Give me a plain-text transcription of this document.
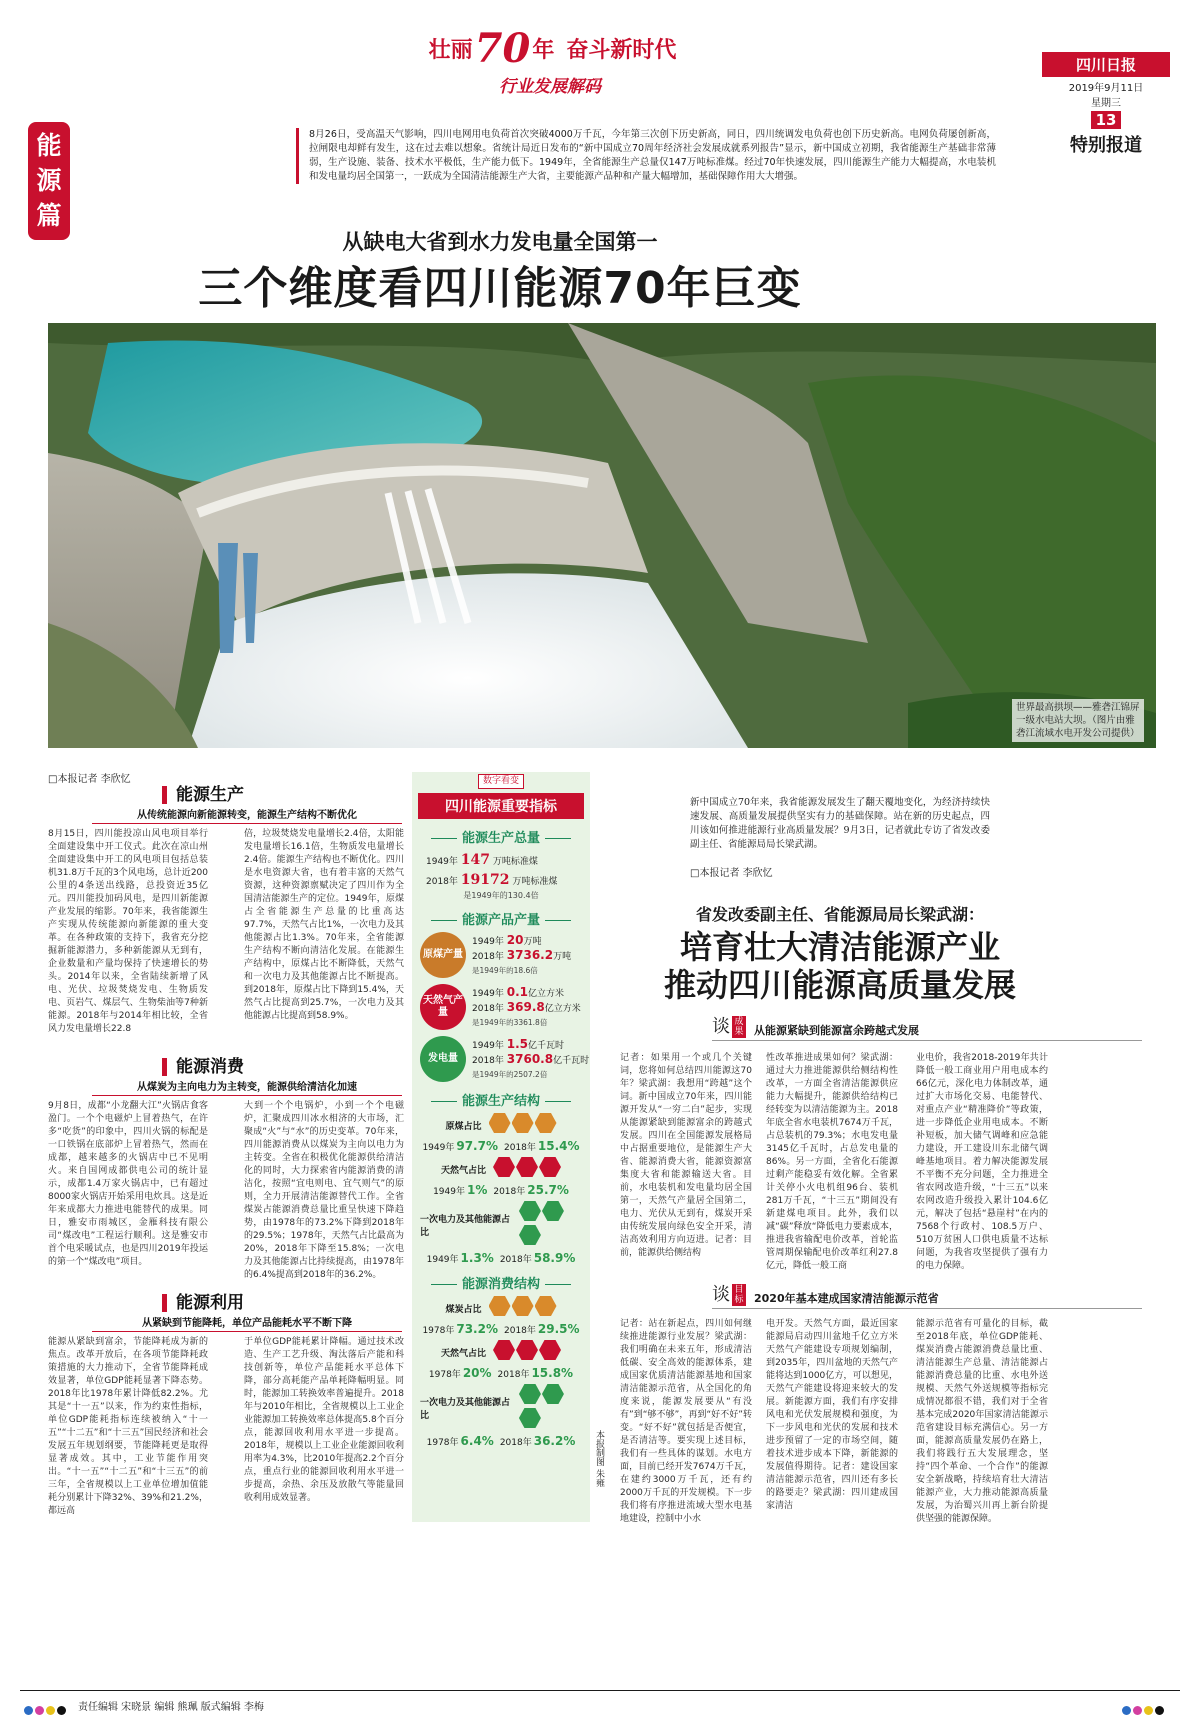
壮丽 70 年 奋斗新时代
行业发展解码
四川日报
2019年9月11日
星期三
13
特别报道
能
源
篇

8月26日，受高温天气影响，四川电网用电负荷首次突破4000万千瓦，今年第三次创下历史新高，同日，四川统调发电负荷也创下历史新高。电网负荷屡创新高，拉闸限电却鲜有发生，这在过去难以想象。省统计局近日发布的“新中国成立70周年经济社会发展成就系列报告”显示，新中国成立初期，我省能源生产基础非常薄弱，生产设施、装备、技术水平极低，生产能力低下。1949年，全省能源生产总量仅147万吨标准煤。经过70年快速发展，四川能源生产能力大幅提高，水电装机和发电量均居全国第一，一跃成为全国清洁能源生产大省，主要能源产品种和产量大幅增加，基础保障作用大大增强。

从缺电大省到水力发电量全国第一
三个维度看四川能源70年巨变
世界最高拱坝——雅砻江锦屏一级水电站大坝。（图片由雅砻江流域水电开发公司提供）
□本报记者 李欣忆
能源生产
从传统能源向新能源转变，能源生产结构不断优化

8月15日，四川能投凉山风电项目举行全面建设集中开工仪式。此次在凉山州全面建设集中开工的风电项目包括总装机31.8万千瓦的3个风电场，总计近200公里的4条送出线路，总投资近35亿元。四川能投加码风电，是四川新能源产业发展的缩影。70年来，我省能源生产实现从传统能源向新能源的重大变革。在各种政策的支持下，我省充分挖掘新能源潜力，多种新能源从无到有，企业数量和产量均保持了快速增长的势头。2014年以来，全省陆续新增了风电、光伏、垃圾焚烧发电、生物质发电、页岩气、煤层气、生物柴油等7种新能源。2018年与2014年相比较，全省风力发电量增长22.8

倍，垃圾焚烧发电量增长2.4倍，太阳能发电量增长16.1倍，生物质发电量增长2.4倍。能源生产结构也不断优化。四川是水电资源大省，也有着丰富的天然气资源，这种资源禀赋决定了四川作为全国清洁能源生产的定位。1949年，原煤占全省能源生产总量的比重高达97.7%，天然气占比1%，一次电力及其他能源占比1.3%。70年来，全省能源生产结构不断向清洁化发展。在能源生产结构中，原煤占比不断降低，天然气和一次电力及其他能源占比不断提高。到2018年，原煤占比下降到15.4%，天然气占比提高到25.7%，一次电力及其他能源占比提高到58.9%。

能源消费
从煤炭为主向电力为主转变，能源供给清洁化加速

9月8日，成都“小龙翻大江”火锅店食客盈门。一个个电磁炉上冒着热气，在许多“吃货”的印象中，四川火锅的标配是一口铁锅在底部炉上冒着热气，然而在成都，越来越多的火锅店中已不见明火。来自国网成都供电公司的统计显示，成都1.4万家火锅店中，已有超过8000家火锅店开始采用电炊具。这是近年来成都大力推进电能替代的成果。同日，雅安市雨城区，金雁科技有限公司“煤改电”工程运行顺利。这是雅安市首个电采暖试点，也是四川2019年投运的第一个“煤改电”项目。

大到一个个电锅炉，小到一个个电磁炉，汇聚成四川冰水相济的大市场，汇聚成“火”与“水”的历史变革。70年来，四川能源消费从以煤炭为主向以电力为主转变。全省在积极优化能源供给清洁化的同时，大力探索省内能源消费的清洁化，按照“宜电则电、宜气则气”的原则，全力开展清洁能源替代工作。全省煤炭占能源消费总量比重呈快速下降趋势，由1978年的73.2%下降到2018年的29.5%；1978年，天然气占比最高为20%，2018年下降至15.8%；一次电力及其他能源占比持续提高，由1978年的6.4%提高到2018年的36.2%。

能源利用
从紧缺到节能降耗，单位产品能耗水平不断下降

能源从紧缺到富余，节能降耗成为新的焦点。改革开放后，在各项节能降耗政策措施的大力推动下，全省节能降耗成效显著，单位GDP能耗显著下降态势。2018年比1978年累计降低82.2%。尤其是“十一五”以来，作为约束性指标，单位GDP能耗指标连续被纳入“十一五”“十二五”和“十三五”国民经济和社会发展五年规划纲要，节能降耗更是取得显著成效。其中，工业节能作用突出。“十一五”“十二五”和“十三五”的前三年，全省规模以上工业单位增加值能耗分别累计下降32%、39%和21.2%，都远高

于单位GDP能耗累计降幅。通过技术改造、生产工艺升级、淘汰落后产能和科技创新等，单位产品能耗水平总体下降，部分高耗能产品单耗降幅明显。同时，能源加工转换效率普遍提升。2018年与2010年相比，全省规模以上工业企业能源加工转换效率总体提高5.8个百分点，能源回收利用水平进一步提高。2018年，规模以上工业企业能源回收利用率为4.3%，比2010年提高2.2个百分点，重点行业的能源回收利用水平进一步提高，余热、余压及放散气等能量回收利用成效显著。

数字看变
四川能源重要指标
能源生产总量
1949年 147 万吨标准煤
2018年 19172 万吨标准煤
是1949年的130.4倍
能源产品产量
原煤产量
1949年 20万吨
2018年 3736.2万吨
是1949年的18.6倍
天然气产量
1949年 0.1亿立方米
2018年 369.8亿立方米
是1949年的3361.8倍
发电量
1949年 1.5亿千瓦时
2018年 3760.8亿千瓦时
是1949年的2507.2倍
能源生产结构
原煤占比
1949年 97.7% 2018年 15.4%
天然气占比
1949年 1% 2018年 25.7%
一次电力及其他能源占比
1949年 1.3% 2018年 58.9%
能源消费结构
煤炭占比
1978年 73.2% 2018年 29.5%
天然气占比
1978年 20% 2018年 15.8%
一次电力及其他能源占比
1978年 6.4% 2018年 36.2%	本报制图 朱雍

新中国成立70年来，我省能源发展发生了翻天覆地变化，为经济持续快速发展、高质量发展提供坚实有力的基础保障。站在新的历史起点，四川该如何推进能源行业高质量发展？9月3日，记者就此专访了省发改委副主任、省能源局局长梁武湖。

□本报记者 李欣忆
省发改委副主任、省能源局局长梁武湖：
培育壮大清洁能源产业
推动四川能源高质量发展
谈 成果 从能源紧缺到能源富余跨越式发展

记者：如果用一个或几个关键词，您将如何总结四川能源这70年？梁武湖：我想用“跨越”这个词。新中国成立70年来，四川能源开发从“一穷二白”起步，实现从能源紧缺到能源富余的跨越式发展。四川在全国能源发展格局中占据重要地位，是能源生产大省、能源消费大省，能源资源富集度大省和能源输送大省。目前，水电装机和发电量均居全国第一，天然气产量居全国第二，电力、光伏从无到有，煤炭开采由传统发展向绿色安全开采，清洁高效利用方向迈进。记者：目前，能源供给侧结构

性改革推进成果如何？梁武湖：通过大力推进能源供给侧结构性改革，一方面全省清洁能源供应能力大幅提升，能源供给结构已经转变为以清洁能源为主。2018年底全省水电装机7674万千瓦，占总装机的79.3%；水电发电量3145亿千瓦时，占总发电量的86%。另一方面，全省化石能源过剩产能稳妥有效化解。全省累计关停小火电机组96台、装机281万千瓦，“十三五”期间没有新建煤电项目。此外，我们以减“碳”释放“降低电力要素成本，推进我省输配电价改革，首轮监管周期保输配电价改革红利27.8亿元，降低一般工商

业电价，我省2018-2019年共计降低一般工商业用户用电成本约66亿元，深化电力体制改革，通过扩大市场化交易、电能替代、对重点产业“精准降价”等政策，进一步降低企业用电成本。不断补短板，加大储气调峰和应急能力建设，开工建设川东北储气调峰基地项目。着力解决能源发展不平衡不充分问题，全力推进全省农网改造升级，“十三五”以来农网改造升级投入累计104.6亿元，解决了包括“悬崖村”在内的7568个行政村、108.5万户、510万贫困人口供电质量不达标问题，为我省攻坚提供了强有力的电力保障。

谈 目标 2020年基本建成国家清洁能源示范省

记者：站在新起点，四川如何继续推进能源行业发展？梁武湖：我们明确在未来五年，形成清洁低碳、安全高效的能源体系，建成国家优质清洁能源基地和国家清洁能源示范省，从全国化的角度来说，能源发展要从“有没有”到“够不够”，再到“好不好”转变。“好不好”就包括是否便宜，是否清洁等。要实现上述目标，我们有一些具体的谋划。水电方面，目前已经开发7674万千瓦，在建约3000万千瓦，还有约2000万千瓦的开发规模。下一步我们将有序推进流域大型水电基地建设，控制中小水

电开发。天然气方面，最近国家能源局启动四川盆地千亿立方米天然气产能建设专项规划编制，到2035年，四川盆地的天然气产能将达到1000亿方，可以想见，天然气产能建设将迎来较大的发展。新能源方面，我们有序安排风电和光伏发展规模和强度，为下一步风电和光伏的发展和技术进步预留了一定的市场空间，随着技术进步成本下降，新能源的发展值得期待。记者：建设国家清洁能源示范省，四川还有多长的路要走？梁武湖：四川建成国家清洁

能源示范省有可量化的目标，截至2018年底，单位GDP能耗、煤炭消费占能源消费总量比重、清洁能源生产总量、清洁能源占能源消费总量的比重、水电外送规模、天然气外送规模等指标完成情况都很不错，我们对于全省基本完成2020年国家清洁能源示范省建设目标充满信心。另一方面，能源高质量发展仍在路上，我们将践行五大发展理念，坚持“四个革命、一个合作”的能源安全新战略，持续培育壮大清洁能源产业，大力推动能源高质量发展，为治蜀兴川再上新台阶提供坚强的能源保障。

责任编辑 宋晓景 编辑 熊珮 版式编辑 李梅
